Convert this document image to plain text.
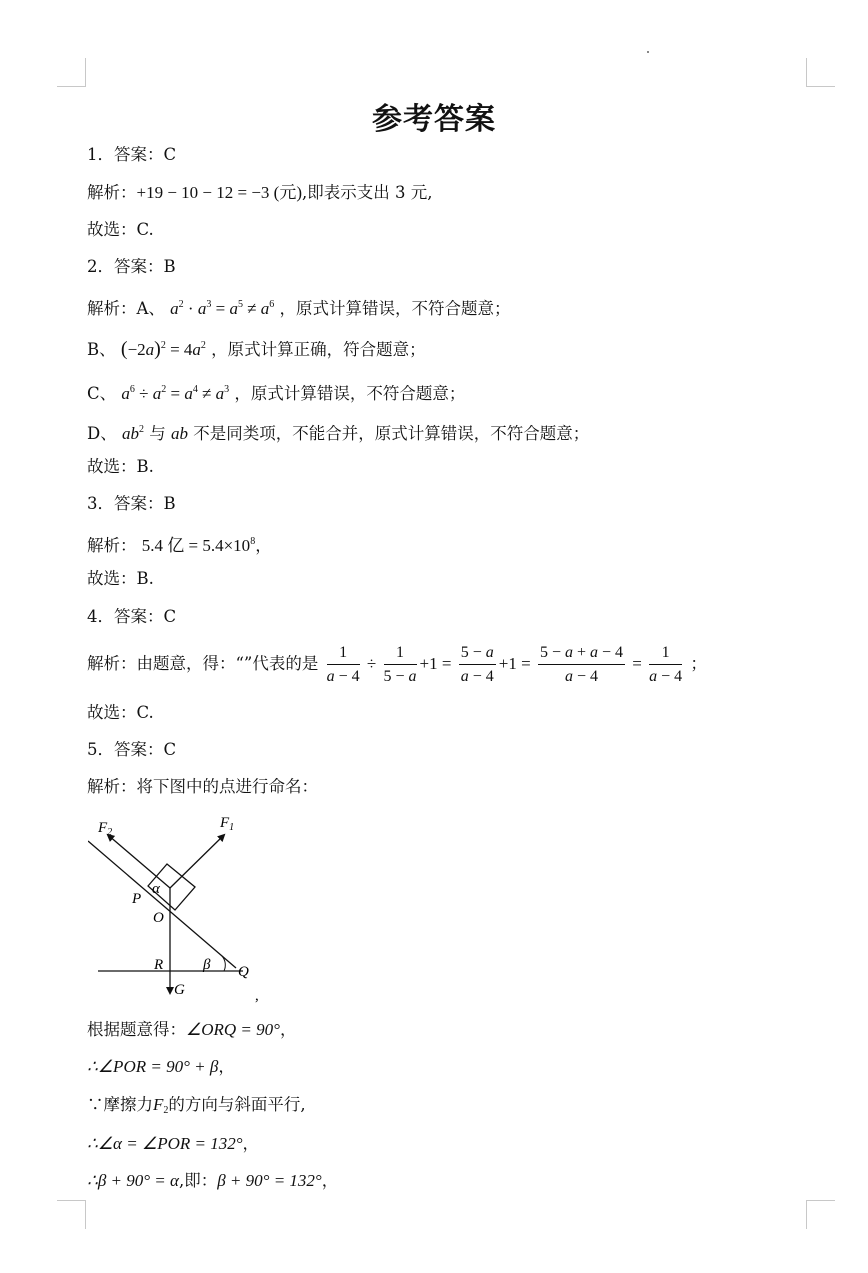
参考答案
1．答案：C
解析：+19 − 10 − 12 = −3 (元),即表示支出 3 元,
故选：C.
2．答案：B
解析：A、 $a^2 \cdot a^3 = a^5 \ne a^6$ ，原式计算错误，不符合题意；
B、 $(-2a)^2 = 4a^2$ ，原式计算正确，符合题意；
C、 $a^6 \div a^2 = a^4 \ne a^3$ ，原式计算错误，不符合题意；
D、 $ab^2$ 与 ab 不是同类项，不能合并，原式计算错误，不符合题意；
故选：B.
3．答案：B
解析： 5.4 亿 = $5.4\times 10^8$，
故选：B.
4．答案：C
解析：由题意，得：“”代表的是 $\frac{1}{a - 4} \div \frac{1}{5 - a} +1 = \frac{5 - a}{a - 4} +1 = \frac{5 - a + a - 4}{a - 4} = \frac{1}{a - 4}$ ；
故选：C.
5．答案：C
解析：将下图中的点进行命名：
$F_2$
$F_1$
α
P
O
R	β Q
G	,
根据题意得：∠ORQ = 90°，
∴∠POR = 90° + β，
∵摩擦力$F_2$的方向与斜面平行,
∴∠α = ∠POR = 132°，
∴β + 90° = α,即：β + 90° = 132°，
